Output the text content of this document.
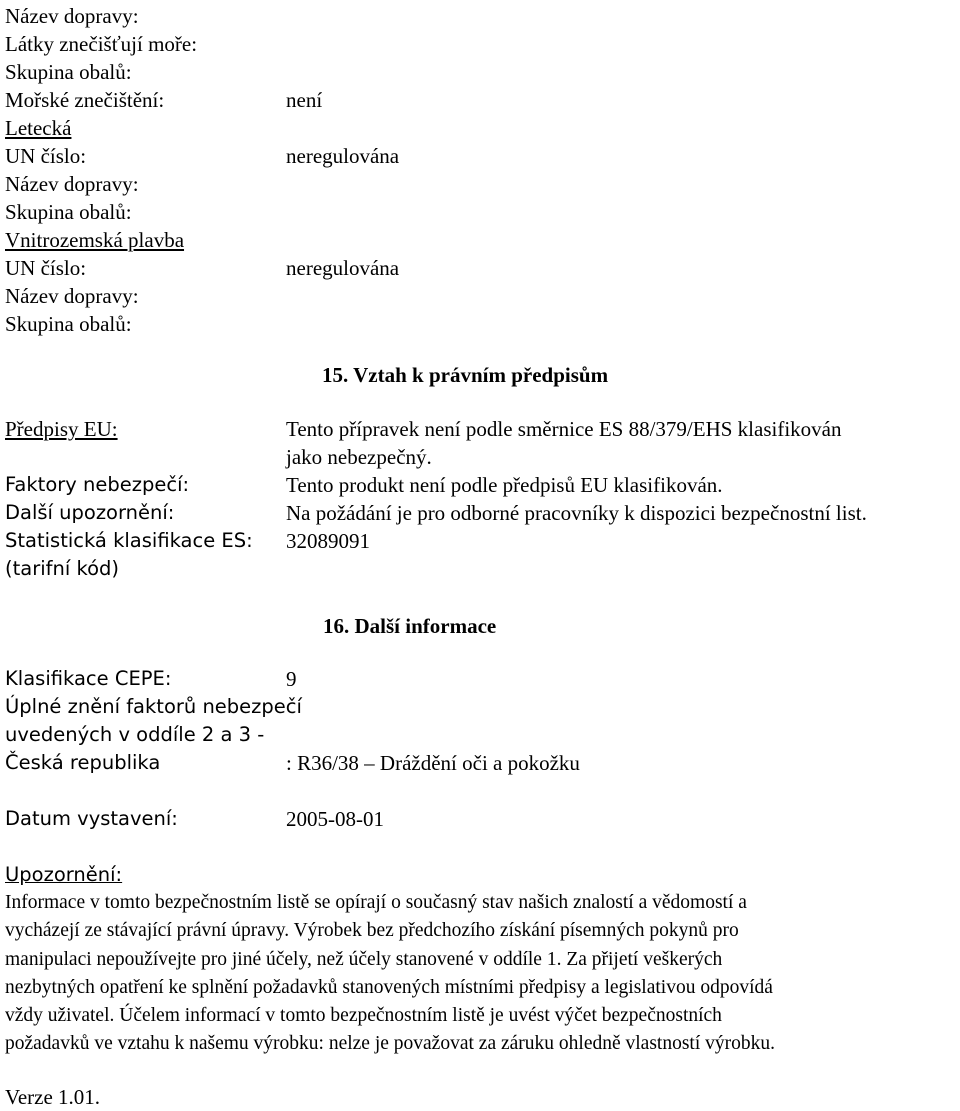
Název dopravy:
Látky znečišťují moře:
Skupina obalů:
Mořské znečištění:	není
Letecká
UN číslo:	neregulována
Název dopravy:
Skupina obalů:
Vnitrozemská plavba
UN číslo:	neregulována
Název dopravy:
Skupina obalů:
15. Vztah k právním předpisům
Předpisy EU:	Tento přípravek není podle směrnice ES 88/379/EHS klasifikován
jako nebezpečný.
Faktory nebezpečí:	Tento produkt není podle předpisů EU klasifikován.
Další upozornění:	Na požádání je pro odborné pracovníky k dispozici bezpečnostní list.
Statistická klasifikace ES: 32089091
(tarifní kód)
16. Další informace
Klasifikace CEPE:	9
Úplné znění faktorů nebezpečí
uvedených v oddíle 2 a 3 -
Česká republika	: R36/38 – Dráždění oči a pokožku
Datum vystavení:	2005-08-01
Upozornění:
Informace v tomto bezpečnostním listě se opírají o současný stav našich znalostí a vědomostí a
vycházejí ze stávající právní úpravy. Výrobek bez předchozího získání písemných pokynů pro
manipulaci nepoužívejte pro jiné účely, než účely stanovené v oddíle 1. Za přijetí veškerých
nezbytných opatření ke splnění požadavků stanovených místními předpisy a legislativou odpovídá
vždy uživatel. Účelem informací v tomto bezpečnostním listě je uvést výčet bezpečnostních
požadavků ve vztahu k našemu výrobku: nelze je považovat za záruku ohledně vlastností výrobku.
Verze 1.01.
